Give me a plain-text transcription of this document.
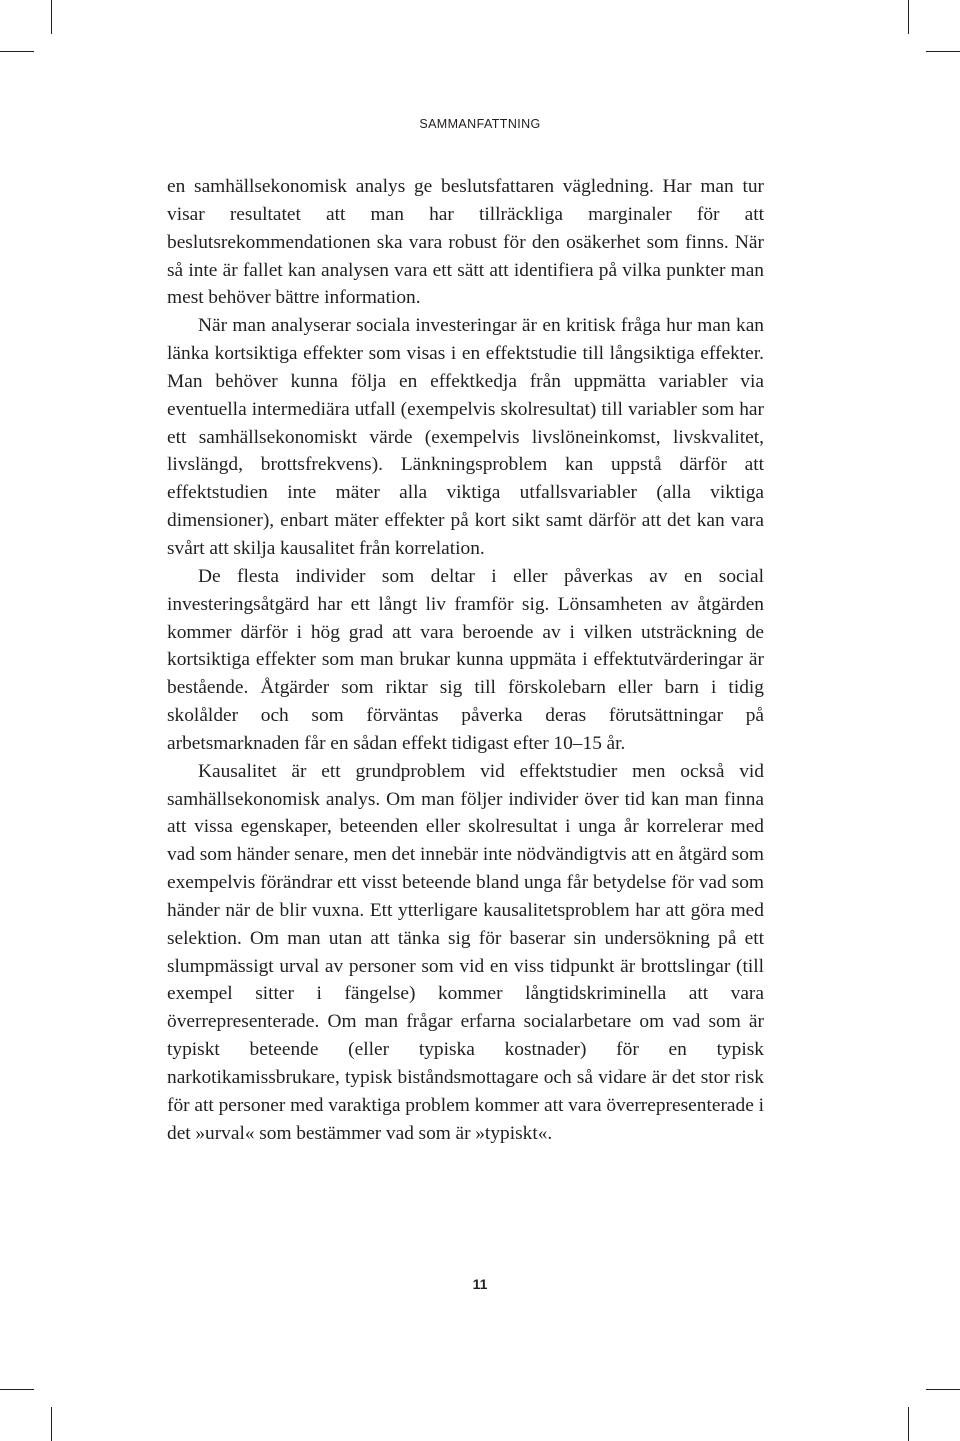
SAMMANFATTNING

en samhällsekonomisk analys ge beslutsfattaren vägledning. Har man tur visar resultatet att man har tillräckliga marginaler för att beslutsrekommendationen ska vara robust för den osäkerhet som finns. När så inte är fallet kan analysen vara ett sätt att identifiera på vilka punkter man mest behöver bättre information.

När man analyserar sociala investeringar är en kritisk fråga hur man kan länka kortsiktiga effekter som visas i en effektstudie till långsiktiga effekter. Man behöver kunna följa en effektkedja från uppmätta variabler via eventuella intermediära utfall (exempelvis skolresultat) till variabler som har ett samhällsekonomiskt värde (exempelvis livslöneinkomst, livskvalitet, livslängd, brottsfrekvens). Länkningsproblem kan uppstå därför att effektstudien inte mäter alla viktiga utfallsvariabler (alla viktiga dimensioner), enbart mäter effekter på kort sikt samt därför att det kan vara svårt att skilja kausalitet från korrelation.

De flesta individer som deltar i eller påverkas av en social investeringsåtgärd har ett långt liv framför sig. Lönsamheten av åtgärden kommer därför i hög grad att vara beroende av i vilken utsträckning de kortsiktiga effekter som man brukar kunna uppmäta i effektutvärderingar är bestående. Åtgärder som riktar sig till förskolebarn eller barn i tidig skolålder och som förväntas påverka deras förutsättningar på arbetsmarknaden får en sådan effekt tidigast efter 10–15 år.

Kausalitet är ett grundproblem vid effektstudier men också vid samhällsekonomisk analys. Om man följer individer över tid kan man finna att vissa egenskaper, beteenden eller skolresultat i unga år korrelerar med vad som händer senare, men det innebär inte nödvändigtvis att en åtgärd som exempelvis förändrar ett visst beteende bland unga får betydelse för vad som händer när de blir vuxna. Ett ytterligare kausalitetsproblem har att göra med selektion. Om man utan att tänka sig för baserar sin undersökning på ett slumpmässigt urval av personer som vid en viss tidpunkt är brottslingar (till exempel sitter i fängelse) kommer långtidskriminella att vara överrepresenterade. Om man frågar erfarna socialarbetare om vad som är typiskt beteende (eller typiska kostnader) för en typisk narkotikamissbrukare, typisk biståndsmottagare och så vidare är det stor risk för att personer med varaktiga problem kommer att vara överrepresenterade i det »urval« som bestämmer vad som är »typiskt«.

11
